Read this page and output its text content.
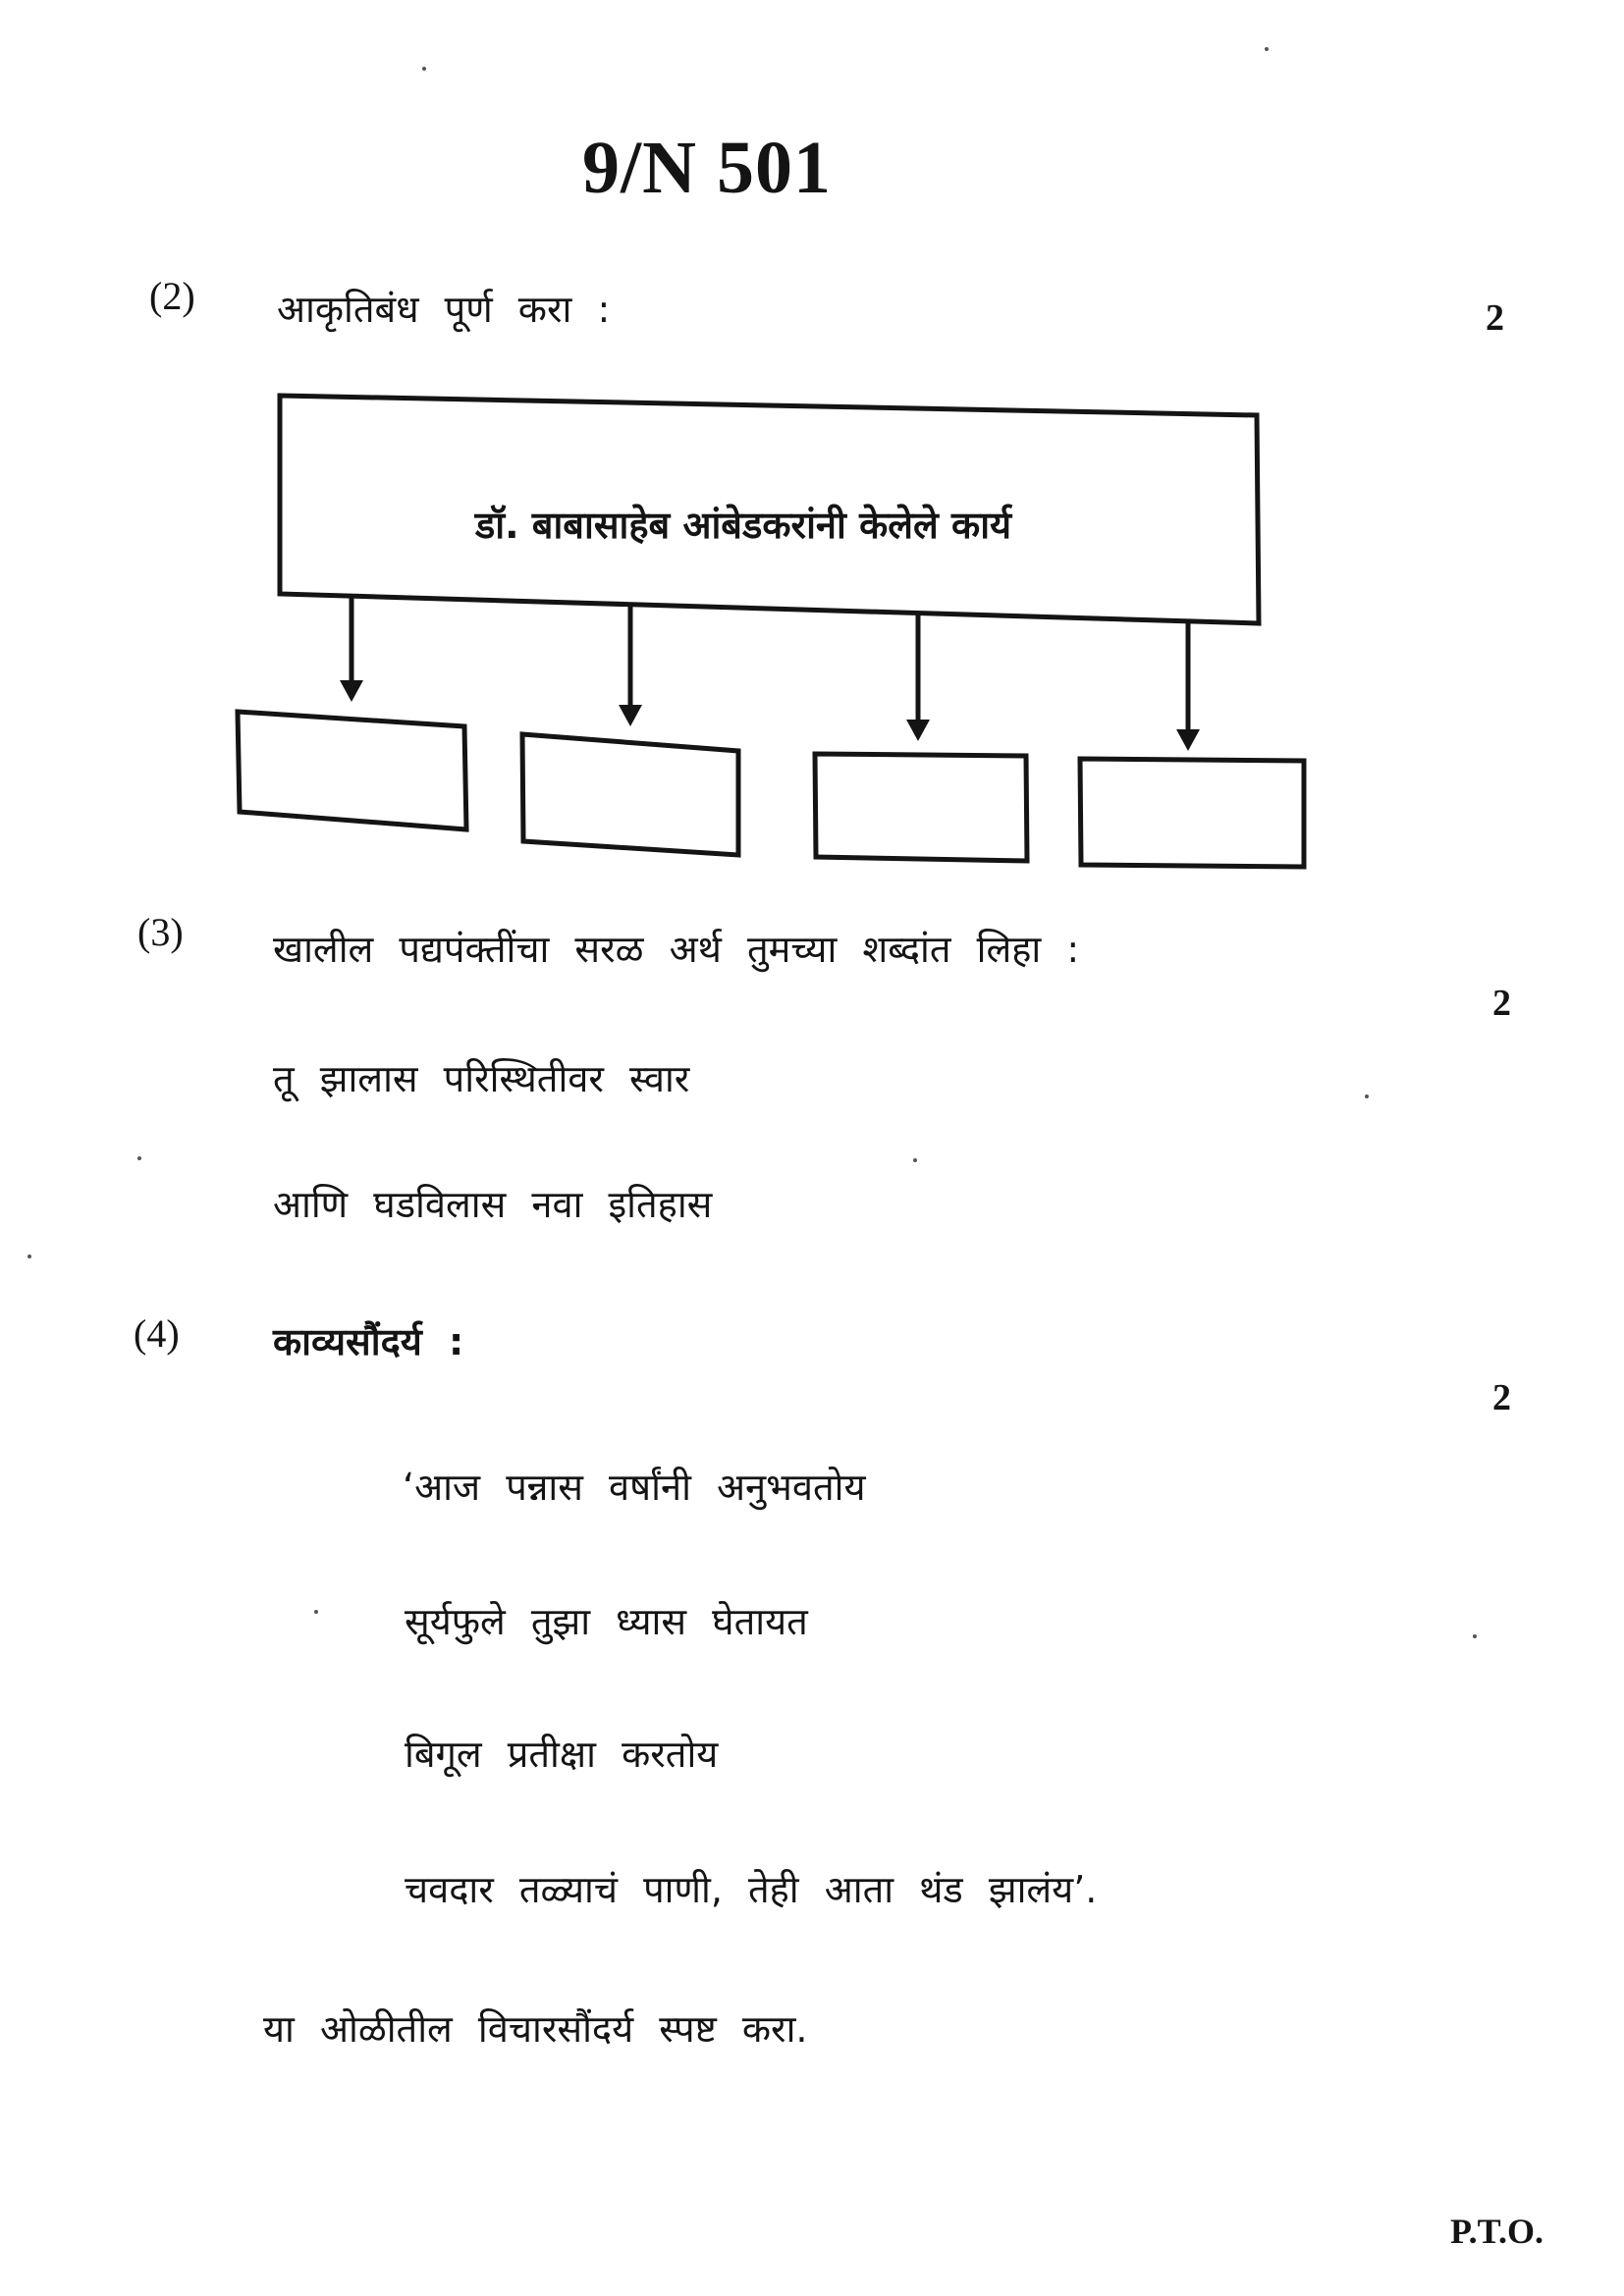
9/N 501
(2) आकृतिबंध पूर्ण करा :	2
डॉ. बाबासाहेब आंबेडकरांनी केलेले कार्य
(3) खालील पद्यपंक्तींचा सरळ अर्थ तुमच्या शब्दांत लिहा :
2
तू झालास परिस्थितीवर स्वार
आणि घडविलास नवा इतिहास
(4)	काव्यसौंदर्य :
2
‘आज पन्नास वर्षांनी अनुभवतोय
सूर्यफुले तुझा ध्यास घेतायत
बिगूल प्रतीक्षा करतोय
चवदार तळ्याचं पाणी, तेही आता थंड झालंय’.
या ओळीतील विचारसौंदर्य स्पष्ट करा.
P.T.O.
